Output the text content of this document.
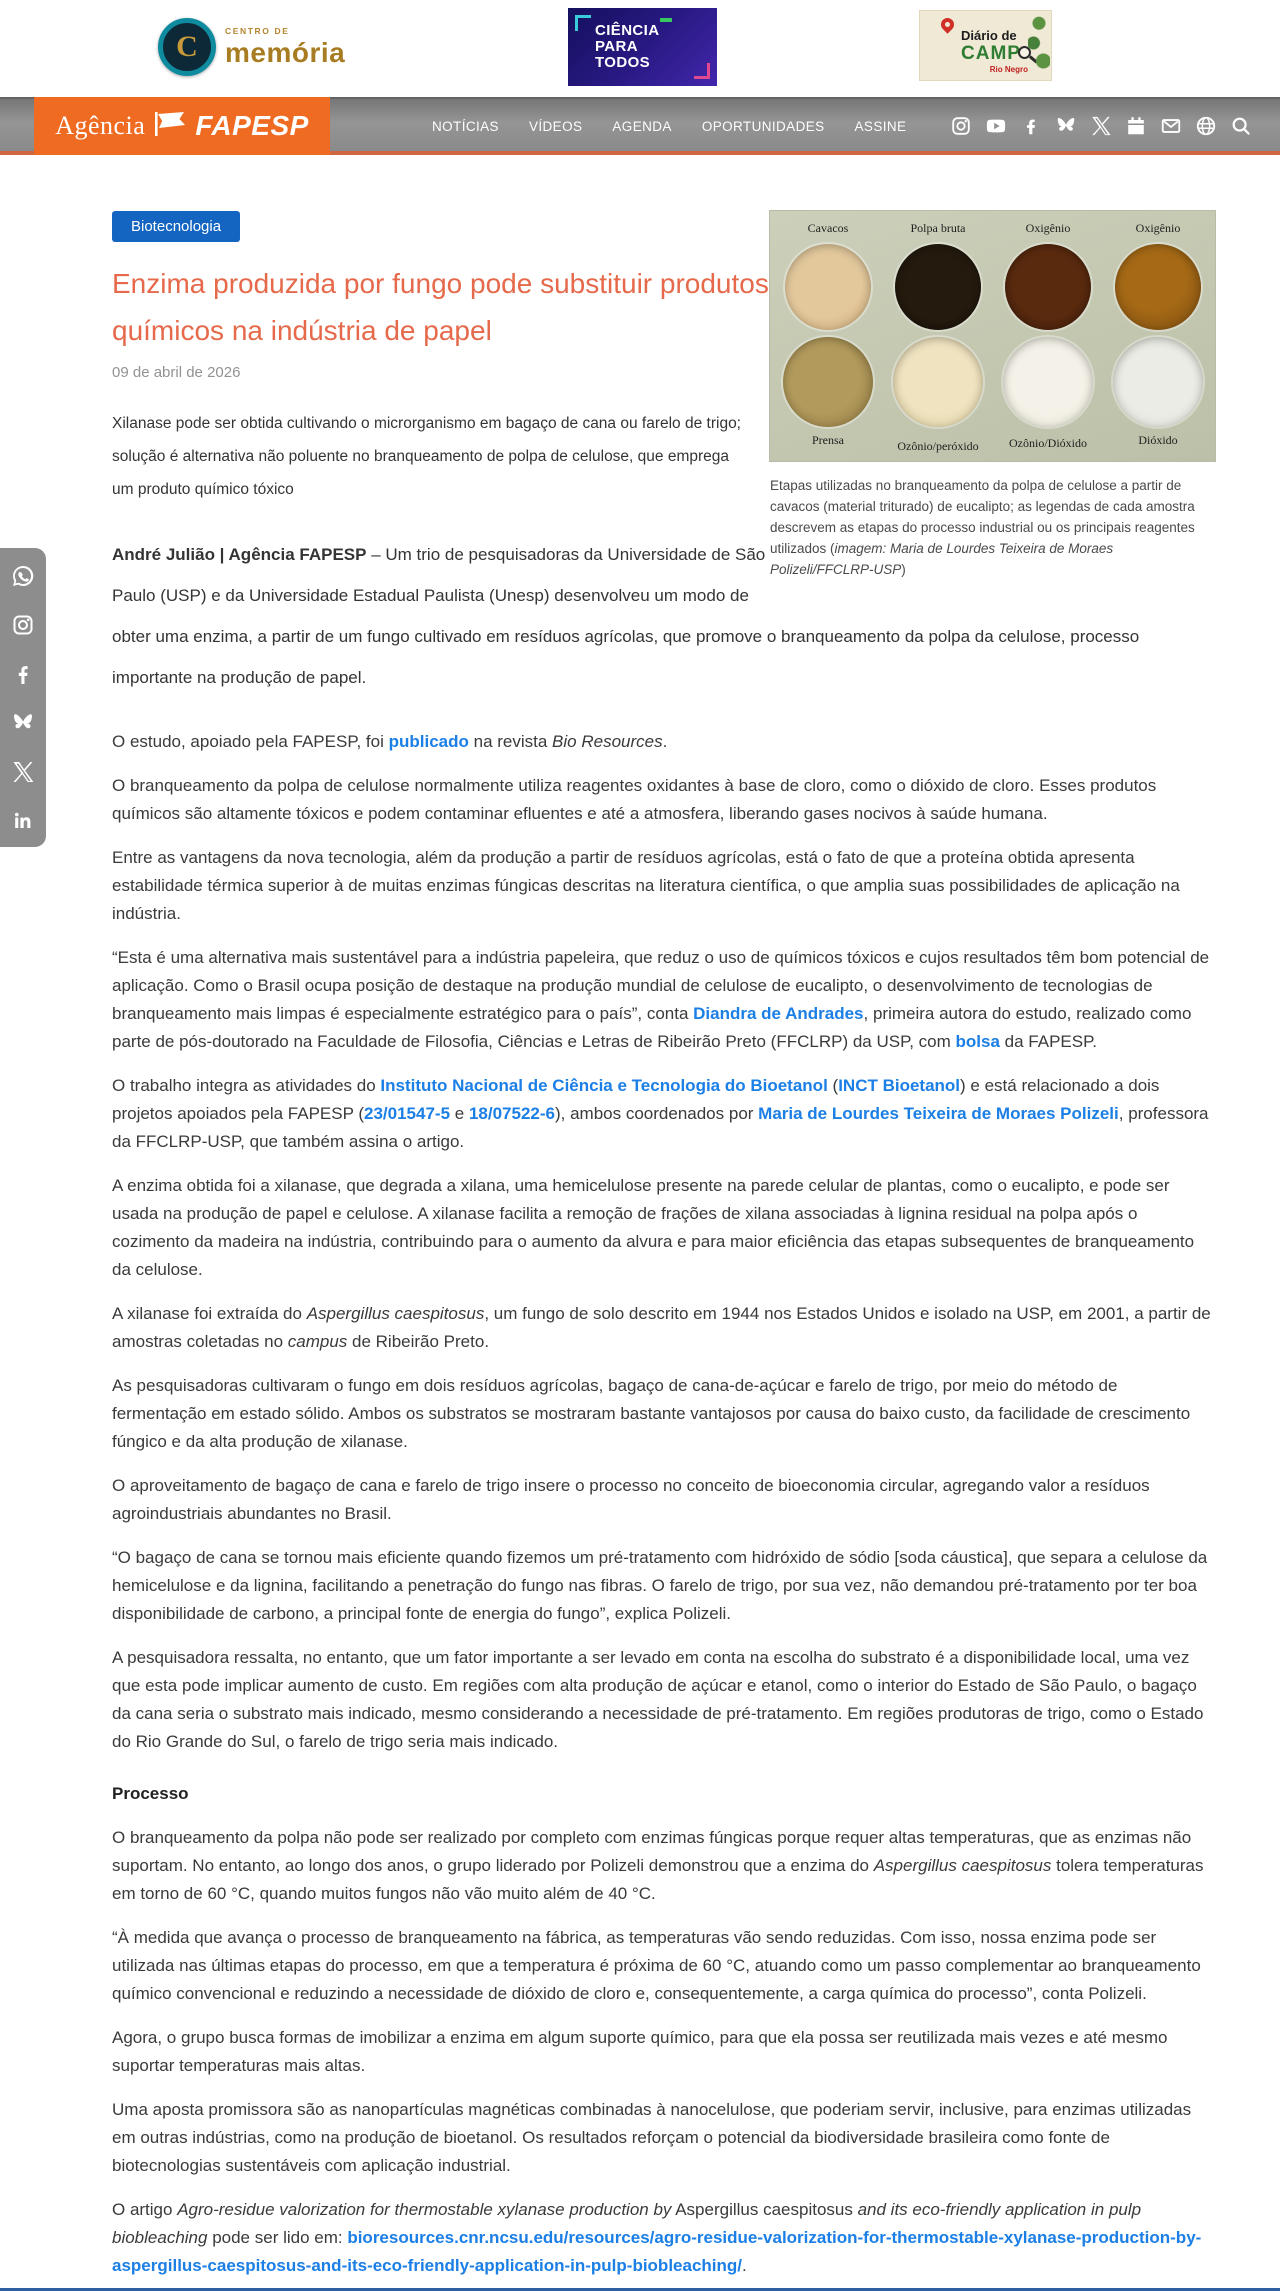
C	CENTRO DE
memória
CIÊNCIA
PARA
TODOS
Diário de
CAMP
Rio Negro
NOTÍCIAS VÍDEOS AGENDA OPORTUNIDADES ASSINE
Agência FAPESP
Cavacos	Polpa bruta	Oxigênio	Oxigênio
Prensa	Ozônio/peróxido	Ozônio/Dióxido	Dióxido
Etapas utilizadas no branqueamento da polpa de celulose a partir de cavacos (material triturado) de eucalipto; as legendas de cada amostra descrevem as etapas do processo industrial ou os principais reagentes utilizados (imagem: Maria de Lourdes Teixeira de Moraes Polizeli/FFCLRP-USP)
Biotecnologia
Enzima produzida por fungo pode substituir produtos químicos na indústria de papel
09 de abril de 2026
Xilanase pode ser obtida cultivando o microrganismo em bagaço de cana ou farelo de trigo; solução é alternativa não poluente no branqueamento de polpa de celulose, que emprega um produto químico tóxico
André Julião | Agência FAPESP – Um trio de pesquisadoras da Universidade de São Paulo (USP) e da Universidade Estadual Paulista (Unesp) desenvolveu um modo de obter uma enzima, a partir de um fungo cultivado em resíduos agrícolas, que promove o branqueamento da polpa da celulose, processo importante na produção de papel.

O estudo, apoiado pela FAPESP, foi publicado na revista Bio Resources.

O branqueamento da polpa de celulose normalmente utiliza reagentes oxidantes à base de cloro, como o dióxido de cloro. Esses produtos químicos são altamente tóxicos e podem contaminar efluentes e até a atmosfera, liberando gases nocivos à saúde humana.

Entre as vantagens da nova tecnologia, além da produção a partir de resíduos agrícolas, está o fato de que a proteína obtida apresenta estabilidade térmica superior à de muitas enzimas fúngicas descritas na literatura científica, o que amplia suas possibilidades de aplicação na indústria.

“Esta é uma alternativa mais sustentável para a indústria papeleira, que reduz o uso de químicos tóxicos e cujos resultados têm bom potencial de aplicação. Como o Brasil ocupa posição de destaque na produção mundial de celulose de eucalipto, o desenvolvimento de tecnologias de branqueamento mais limpas é especialmente estratégico para o país”, conta Diandra de Andrades, primeira autora do estudo, realizado como parte de pós-doutorado na Faculdade de Filosofia, Ciências e Letras de Ribeirão Preto (FFCLRP) da USP, com bolsa da FAPESP.

O trabalho integra as atividades do Instituto Nacional de Ciência e Tecnologia do Bioetanol (INCT Bioetanol) e está relacionado a dois projetos apoiados pela FAPESP (23/01547-5 e 18/07522-6), ambos coordenados por Maria de Lourdes Teixeira de Moraes Polizeli, professora da FFCLRP-USP, que também assina o artigo.

A enzima obtida foi a xilanase, que degrada a xilana, uma hemicelulose presente na parede celular de plantas, como o eucalipto, e pode ser usada na produção de papel e celulose. A xilanase facilita a remoção de frações de xilana associadas à lignina residual na polpa após o cozimento da madeira na indústria, contribuindo para o aumento da alvura e para maior eficiência das etapas subsequentes de branqueamento da celulose.

A xilanase foi extraída do Aspergillus caespitosus, um fungo de solo descrito em 1944 nos Estados Unidos e isolado na USP, em 2001, a partir de amostras coletadas no campus de Ribeirão Preto.

As pesquisadoras cultivaram o fungo em dois resíduos agrícolas, bagaço de cana-de-açúcar e farelo de trigo, por meio do método de fermentação em estado sólido. Ambos os substratos se mostraram bastante vantajosos por causa do baixo custo, da facilidade de crescimento fúngico e da alta produção de xilanase.

O aproveitamento de bagaço de cana e farelo de trigo insere o processo no conceito de bioeconomia circular, agregando valor a resíduos agroindustriais abundantes no Brasil.

“O bagaço de cana se tornou mais eficiente quando fizemos um pré-tratamento com hidróxido de sódio [soda cáustica], que separa a celulose da hemicelulose e da lignina, facilitando a penetração do fungo nas fibras. O farelo de trigo, por sua vez, não demandou pré-tratamento por ter boa disponibilidade de carbono, a principal fonte de energia do fungo”, explica Polizeli.

A pesquisadora ressalta, no entanto, que um fator importante a ser levado em conta na escolha do substrato é a disponibilidade local, uma vez que esta pode implicar aumento de custo. Em regiões com alta produção de açúcar e etanol, como o interior do Estado de São Paulo, o bagaço da cana seria o substrato mais indicado, mesmo considerando a necessidade de pré-tratamento. Em regiões produtoras de trigo, como o Estado do Rio Grande do Sul, o farelo de trigo seria mais indicado.

Processo

O branqueamento da polpa não pode ser realizado por completo com enzimas fúngicas porque requer altas temperaturas, que as enzimas não suportam. No entanto, ao longo dos anos, o grupo liderado por Polizeli demonstrou que a enzima do Aspergillus caespitosus tolera temperaturas em torno de 60 °C, quando muitos fungos não vão muito além de 40 °C.

“À medida que avança o processo de branqueamento na fábrica, as temperaturas vão sendo reduzidas. Com isso, nossa enzima pode ser utilizada nas últimas etapas do processo, em que a temperatura é próxima de 60 °C, atuando como um passo complementar ao branqueamento químico convencional e reduzindo a necessidade de dióxido de cloro e, consequentemente, a carga química do processo”, conta Polizeli.

Agora, o grupo busca formas de imobilizar a enzima em algum suporte químico, para que ela possa ser reutilizada mais vezes e até mesmo suportar temperaturas mais altas.

Uma aposta promissora são as nanopartículas magnéticas combinadas à nanocelulose, que poderiam servir, inclusive, para enzimas utilizadas em outras indústrias, como na produção de bioetanol. Os resultados reforçam o potencial da biodiversidade brasileira como fonte de biotecnologias sustentáveis com aplicação industrial.

O artigo Agro-residue valorization for thermostable xylanase production by Aspergillus caespitosus and its eco-friendly application in pulp biobleaching pode ser lido em: bioresources.cnr.ncsu.edu/resources/agro-residue-valorization-for-thermostable-xylanase-production-by-aspergillus-caespitosus-and-its-eco-friendly-application-in-pulp-biobleaching/.
